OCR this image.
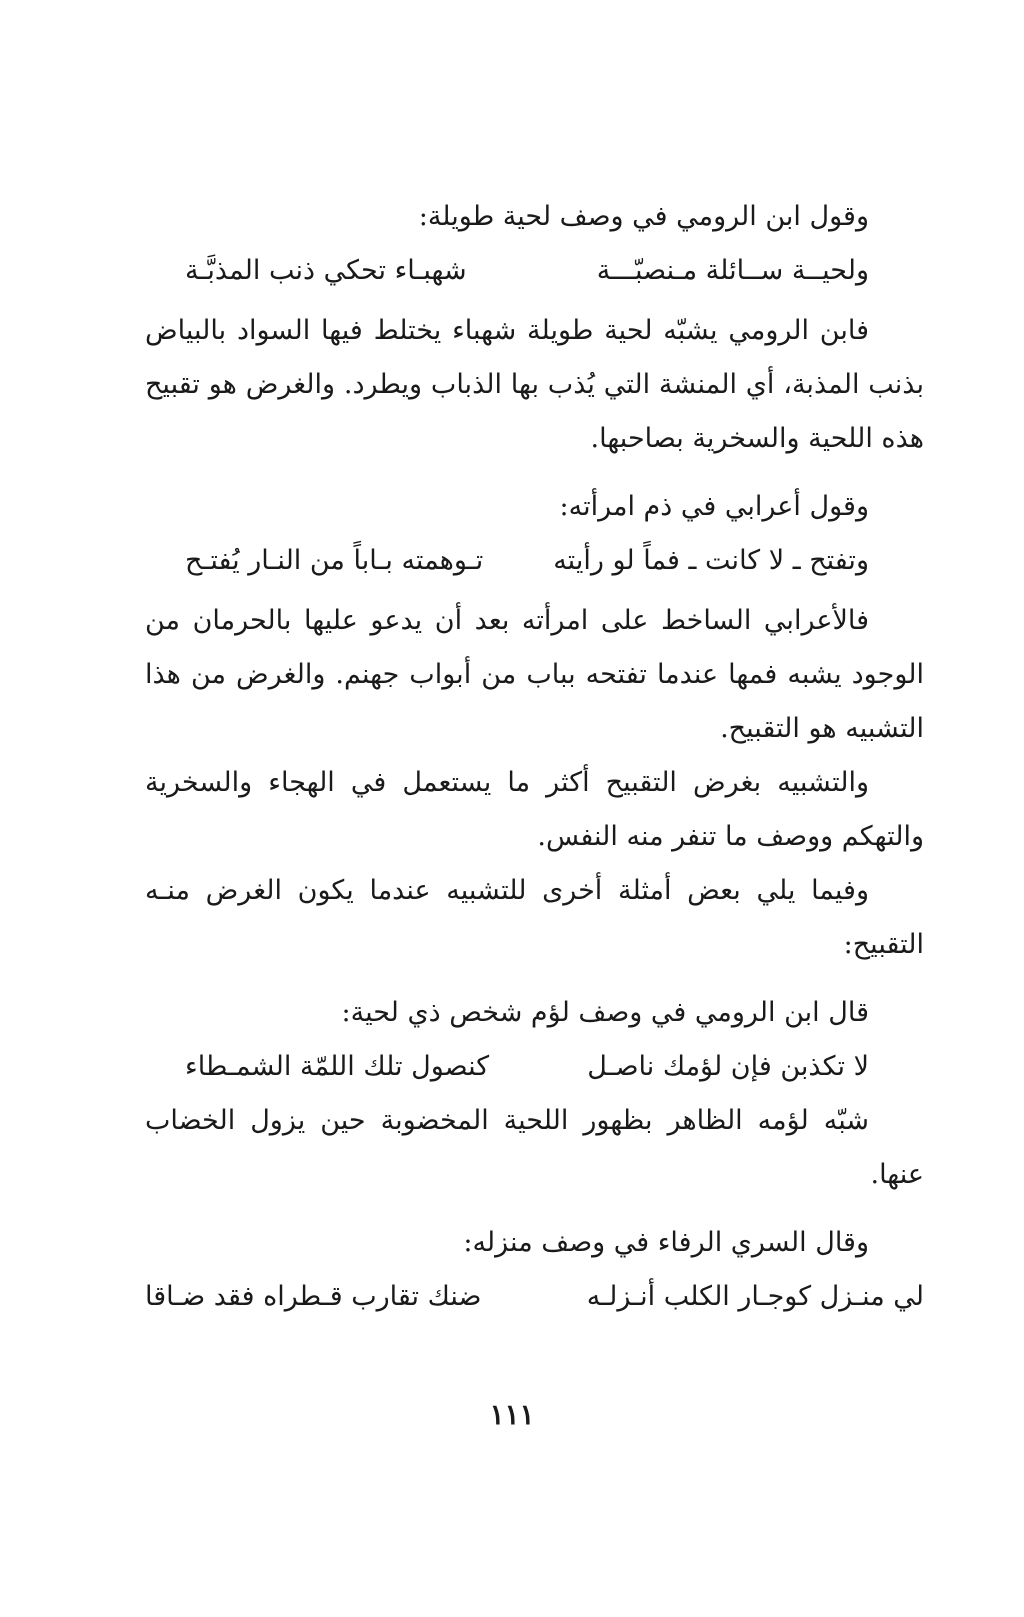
وقول ابن الرومي في وصف لحية طويلة:

ولحيــة ســائلة مـنصبّـــة
شهبـاء تحكي ذنب المذبَّـة

فابن الرومي يشبّه لحية طويلة شهباء يختلط فيها السواد بالبياض بذنب المذبة، أي المنشة التي يُذب بها الذباب ويطرد. والغرض هو تقبيح هذه اللحية والسخرية بصاحبها.

وقول أعرابي في ذم امرأته:

وتفتح ـ لا كانت ـ فماً لو رأيته
تـوهمته بـاباً من النـار يُفتـح

فالأعرابي الساخط على امرأته بعد أن يدعو عليها بالحرمان من الوجود يشبه فمها عندما تفتحه بباب من أبواب جهنم. والغرض من هذا التشبيه هو التقبيح.

والتشبيه بغرض التقبيح أكثر ما يستعمل في الهجاء والسخرية والتهكم ووصف ما تنفر منه النفس.

وفيما يلي بعض أمثلة أخرى للتشبيه عندما يكون الغرض منـه التقبيح:

قال ابن الرومي في وصف لؤم شخص ذي لحية:

لا تكذبن فإن لؤمك ناصـل
كنصول تلك اللمّة الشمـطاء

شبّه لؤمه الظاهر بظهور اللحية المخضوبة حين يزول الخضاب عنها.

وقال السري الرفاء في وصف منزله:

لي منـزل كوجـار الكلب أنـزلـه
ضنك تقارب قـطراه فقد ضـاقا
١١١
